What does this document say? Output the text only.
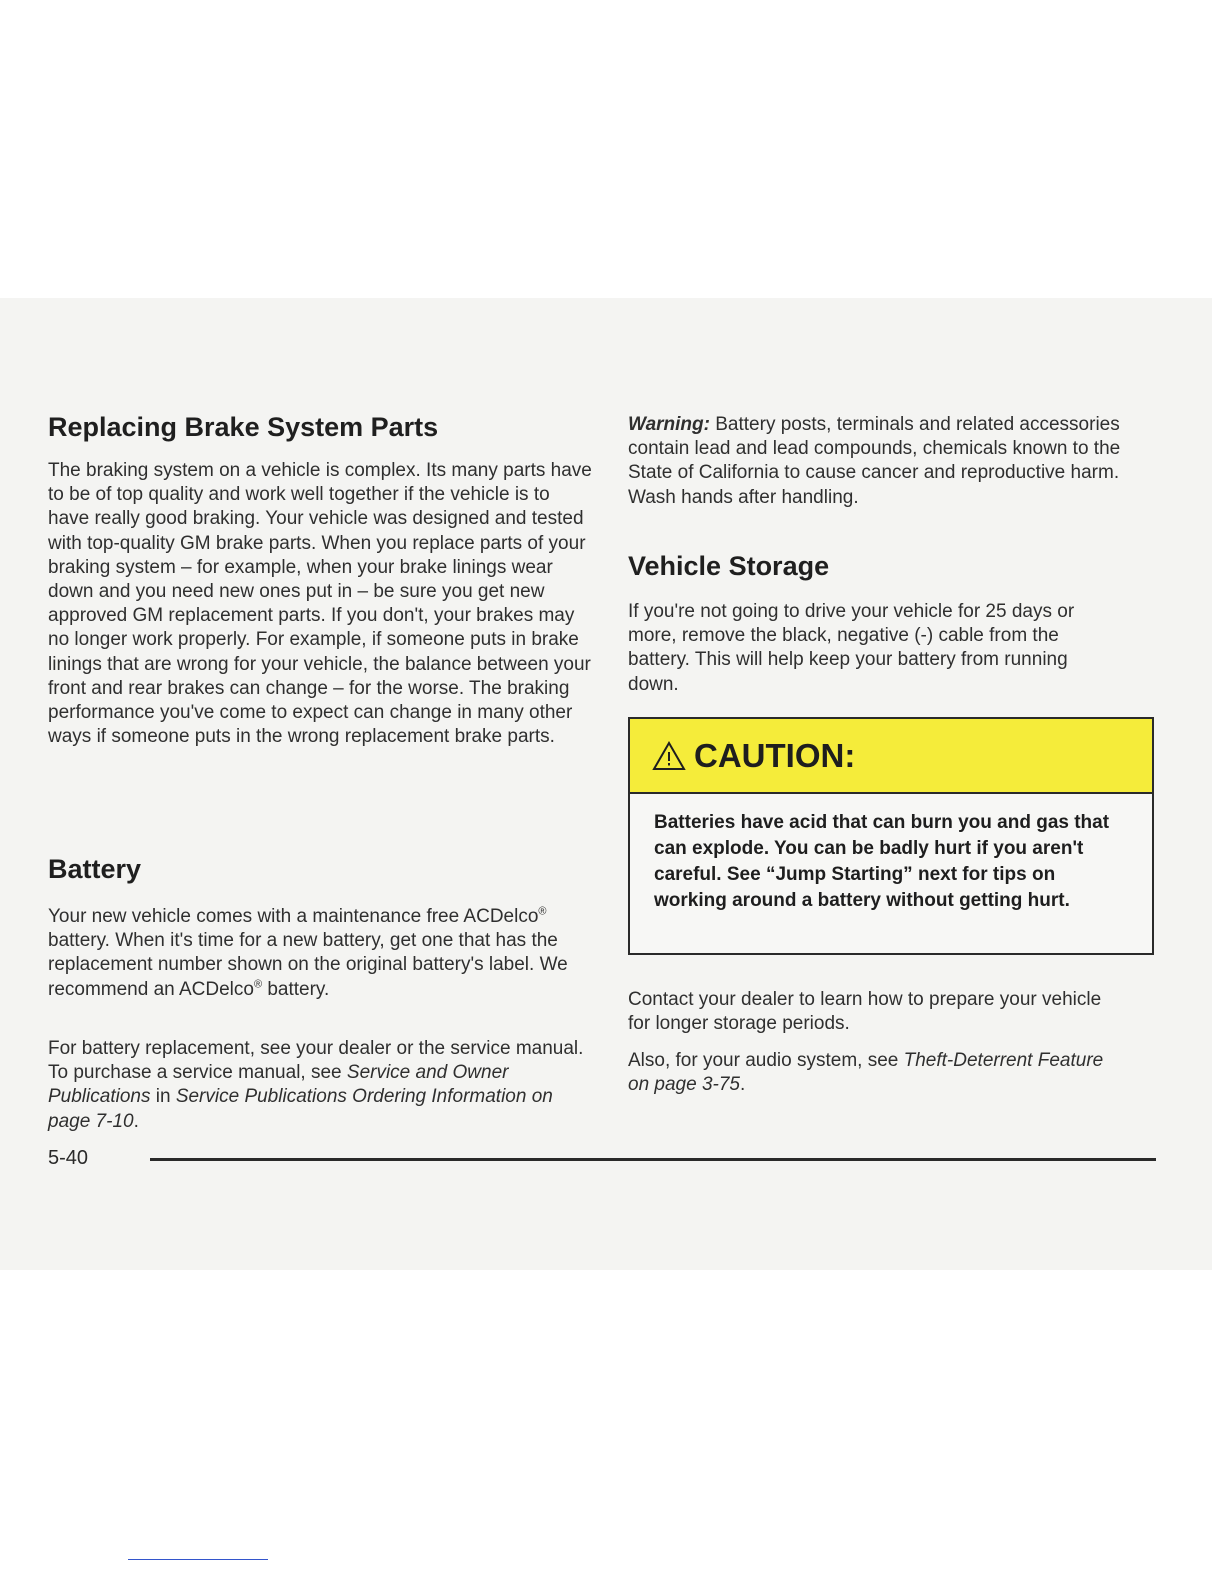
Replacing Brake System Parts

The braking system on a vehicle is complex. Its many parts have to be of top quality and work well together if the vehicle is to have really good braking. Your vehicle was designed and tested with top-quality GM brake parts. When you replace parts of your braking system – for example, when your brake linings wear down and you need new ones put in – be sure you get new approved GM replacement parts. If you don't, your brakes may no longer work properly. For example, if someone puts in brake linings that are wrong for your vehicle, the balance between your front and rear brakes can change – for the worse. The braking performance you've come to expect can change in many other ways if someone puts in the wrong replacement brake parts.

Battery

Your new vehicle comes with a maintenance free ACDelco® battery. When it's time for a new battery, get one that has the replacement number shown on the original battery's label. We recommend an ACDelco® battery.

For battery replacement, see your dealer or the service manual. To purchase a service manual, see Service and Owner Publications in Service Publications Ordering Information on page 7-10.

Warning: Battery posts, terminals and related accessories contain lead and lead compounds, chemicals known to the State of California to cause cancer and reproductive harm. Wash hands after handling.

Vehicle Storage

If you're not going to drive your vehicle for 25 days or more, remove the black, negative (-) cable from the battery. This will help keep your battery from running down.

CAUTION:
Batteries have acid that can burn you and gas that can explode. You can be badly hurt if you aren't careful. See “Jump Starting” next for tips on working around a battery without getting hurt.

Contact your dealer to learn how to prepare your vehicle for longer storage periods.

Also, for your audio system, see Theft-Deterrent Feature on page 3-75.

5-40
